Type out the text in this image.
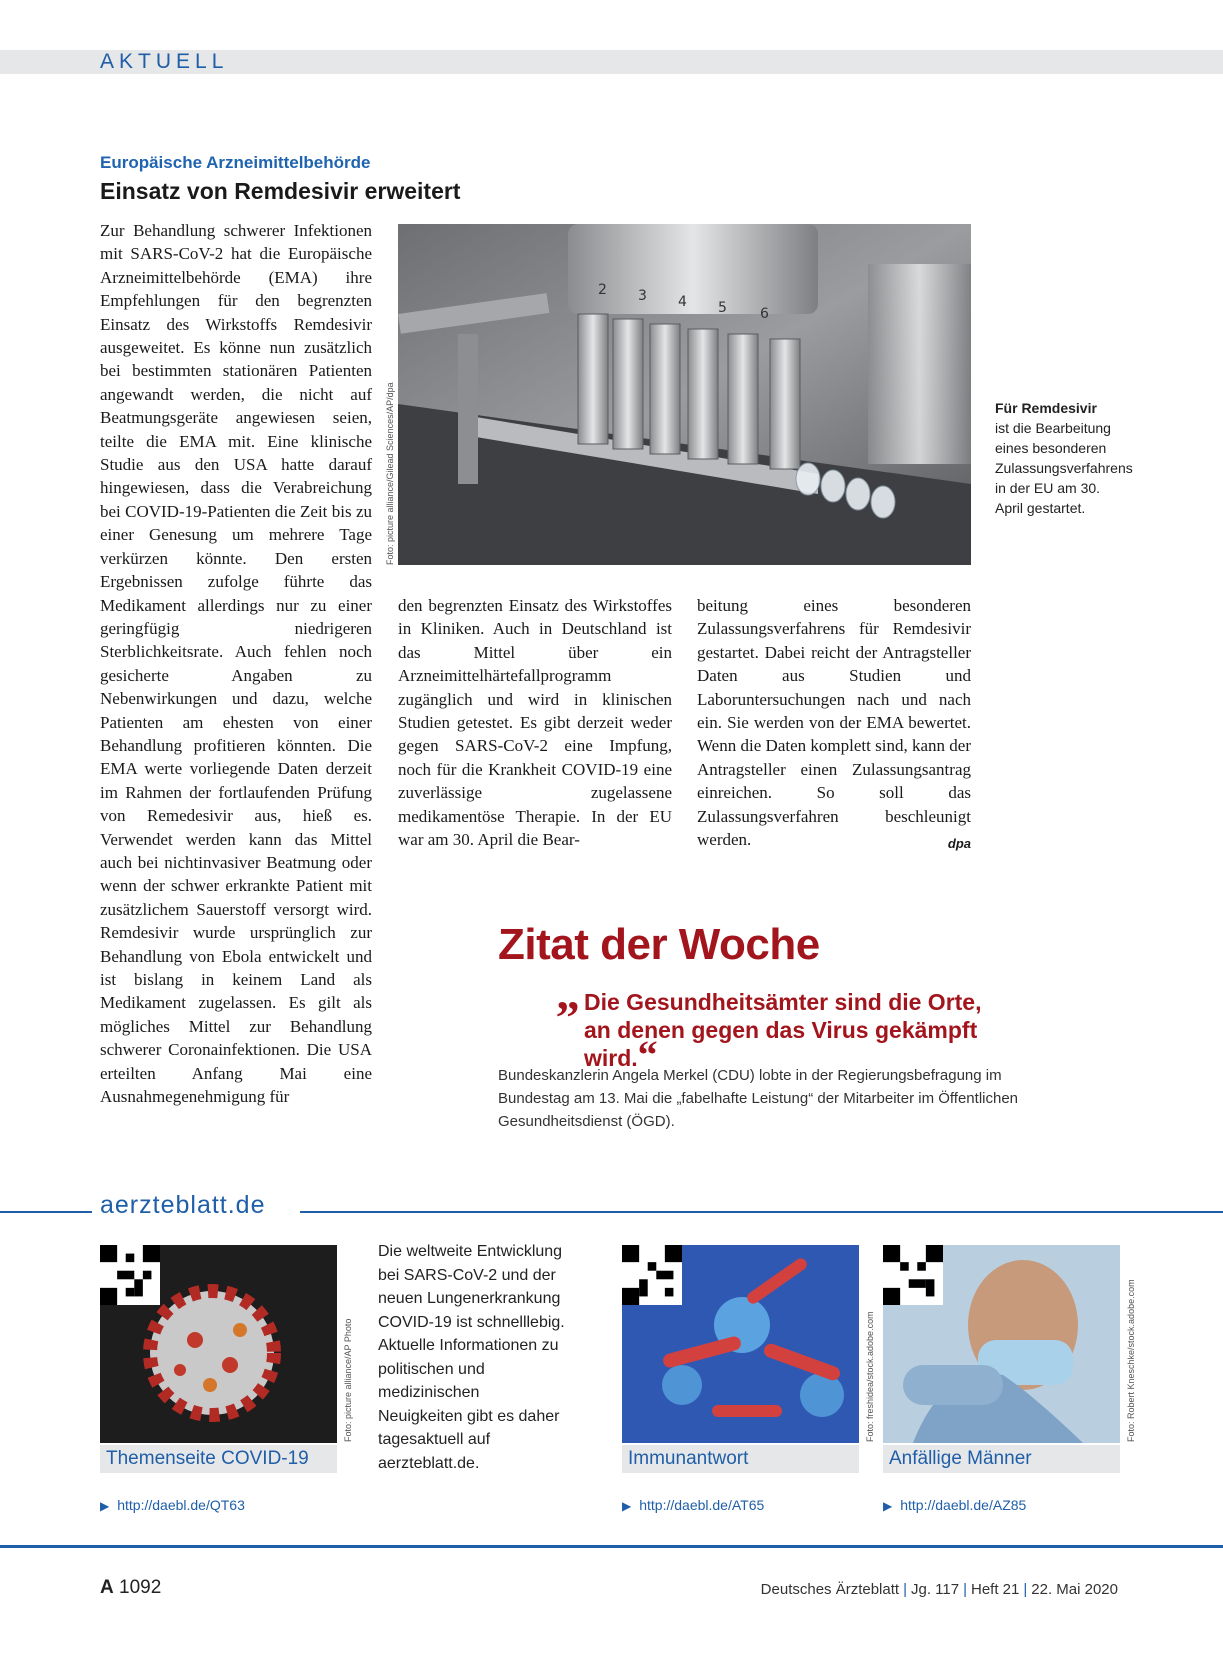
AKTUELL
Europäische Arzneimittelbehörde
Einsatz von Remdesivir erweitert
Zur Behandlung schwerer Infektionen mit SARS-CoV-2 hat die Europäische Arzneimittelbehörde (EMA) ihre Empfehlungen für den begrenzten Einsatz des Wirkstoffs Remdesivir ausgeweitet. Es könne nun zusätzlich bei bestimmten stationären Patienten angewandt werden, die nicht auf Beatmungsgeräte angewiesen seien, teilte die EMA mit. Eine klinische Studie aus den USA hatte darauf hingewiesen, dass die Verabreichung bei COVID-19-Patienten die Zeit bis zu einer Genesung um mehrere Tage verkürzen könnte. Den ersten Ergebnissen zufolge führte das Medikament allerdings nur zu einer geringfügig niedrigeren Sterblichkeitsrate. Auch fehlen noch gesicherte Angaben zu Nebenwirkungen und dazu, welche Patienten am ehesten von einer Behandlung profitieren könnten. Die EMA werte vorliegende Daten derzeit im Rahmen der fortlaufenden Prüfung von Remedesivir aus, hieß es. Verwendet werden kann das Mittel auch bei nichtinvasiver Beatmung oder wenn der schwer erkrankte Patient mit zusätzlichem Sauerstoff versorgt wird. Remdesivir wurde ursprünglich zur Behandlung von Ebola entwickelt und ist bislang in keinem Land als Medikament zugelassen. Es gilt als mögliches Mittel zur Behandlung schwerer Coronainfektionen. Die USA erteilten Anfang Mai eine Ausnahmegenehmigung für
den begrenzten Einsatz des Wirkstoffes in Kliniken. Auch in Deutschland ist das Mittel über ein Arzneimittelhärtefallprogramm zugänglich und wird in klinischen Studien getestet. Es gibt derzeit weder gegen SARS-CoV-2 eine Impfung, noch für die Krankheit COVID-19 eine zuverlässige zugelassene medikamentöse Therapie. In der EU war am 30. April die Bear-
beitung eines besonderen Zulassungsverfahrens für Remdesivir gestartet. Dabei reicht der Antragsteller Daten aus Studien und Laboruntersuchungen nach und nach ein. Sie werden von der EMA bewertet. Wenn die Daten komplett sind, kann der Antragsteller einen Zulassungsantrag einreichen. So soll das Zulassungsverfahren beschleunigt werden.	dpa
Foto: picture alliance/Gilead Sciences/AP/dpa
2 3 4 5 6
Für Remdesivir
ist die Bearbeitung eines besonderen Zulassungsverfahrens in der EU am 30. April gestartet.
Zitat der Woche
„ Die Gesundheitsämter sind die Orte, an denen gegen das Virus gekämpft wird.“
Bundeskanzlerin Angela Merkel (CDU) lobte in der Regierungsbefragung im Bundestag am 13. Mai die „fabelhafte Leistung“ der Mitarbeiter im Öffentlichen Gesundheitsdienst (ÖGD).
aerzteblatt.de
Foto: picture alliance/AP Photo
Themenseite COVID-19
▶ http://daebl.de/QT63
Die weltweite Entwicklung bei SARS-CoV-2 und der neuen Lungenerkrankung COVID-19 ist schnelllebig. Aktuelle Informationen zu politischen und medizinischen Neuigkeiten gibt es daher tagesaktuell auf aerzteblatt.de.
Foto: freshidea/stock.adobe.com
Immunantwort
▶ http://daebl.de/AT65
Foto: Robert Kneschke/stock.adobe.com
Anfällige Männer
▶ http://daebl.de/AZ85
A 1092	Deutsches Ärzteblatt | Jg. 117 | Heft 21 | 22. Mai 2020
